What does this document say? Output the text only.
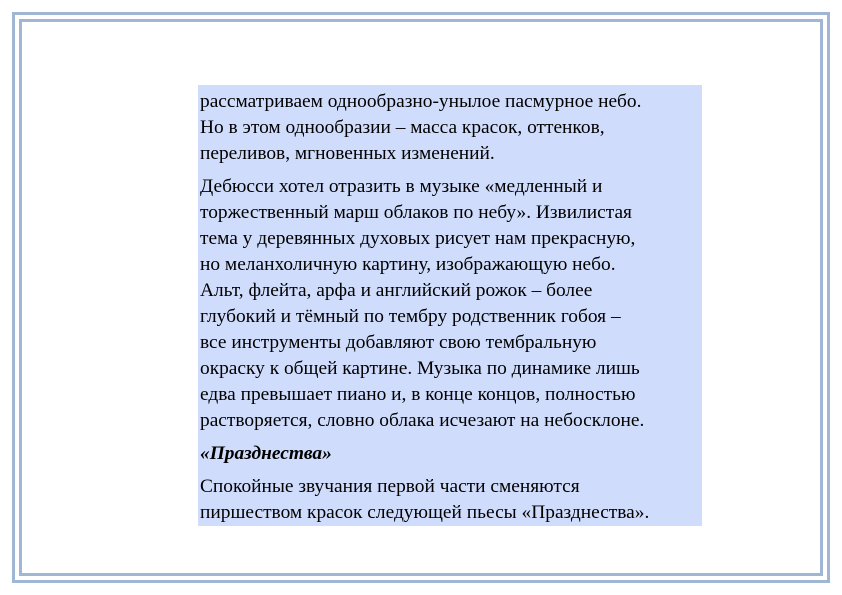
рассматриваем однообразно-унылое пасмурное небо.
Но в этом однообразии – масса красок, оттенков,
переливов, мгновенных изменений.

Дебюсси хотел отразить в музыке «медленный и
торжественный марш облаков по небу». Извилистая
тема у деревянных духовых рисует нам прекрасную,
но меланхоличную картину, изображающую небо.
Альт, флейта, арфа и английский рожок – более
глубокий и тёмный по тембру родственник гобоя –
все инструменты добавляют свою тембральную
окраску к общей картине. Музыка по динамике лишь
едва превышает пиано и, в конце концов, полностью
растворяется, словно облака исчезают на небосклоне.

«Празднества»

Спокойные звучания первой части сменяются
пиршеством красок следующей пьесы «Празднества».
